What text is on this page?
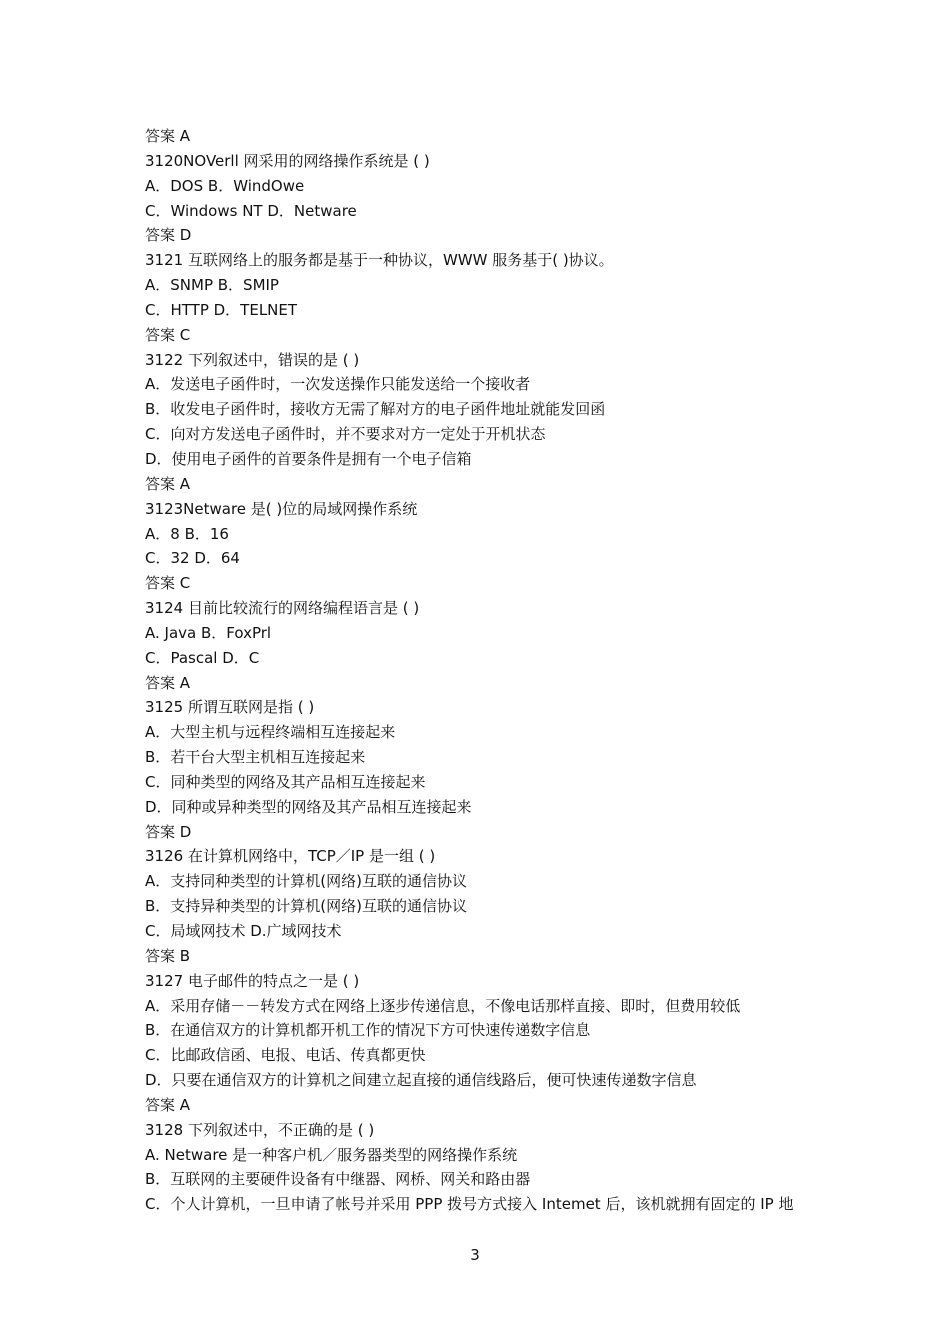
答案 A
3120NOVerll 网采用的网络操作系统是 ( )
A．DOS B．WindOwe
C．Windows NT D．Netware
答案 D
3121 互联网络上的服务都是基于一种协议，WWW 服务基于( )协议。
A．SNMP B．SMIP
C．HTTP D．TELNET
答案 C
3122 下列叙述中，错误的是 ( )
A．发送电子函件时，一次发送操作只能发送给一个接收者
B．收发电子函件时，接收方无需了解对方的电子函件地址就能发回函
C．向对方发送电子函件时，并不要求对方一定处于开机状态
D．使用电子函件的首要条件是拥有一个电子信箱
答案 A
3123Netware 是( )位的局域网操作系统
A．8 B．16
C．32 D．64
答案 C
3124 目前比较流行的网络编程语言是 ( )
A. Java B．FoxPrl
C．Pascal D．C
答案 A
3125 所谓互联网是指 ( )
A．大型主机与远程终端相互连接起来
B．若干台大型主机相互连接起来
C．同种类型的网络及其产品相互连接起来
D．同种或异种类型的网络及其产品相互连接起来
答案 D
3126 在计算机网络中，TCP／IP 是一组 ( )
A．支持同种类型的计算机(网络)互联的通信协议
B．支持异种类型的计算机(网络)互联的通信协议
C．局域网技术 D.广域网技术
答案 B
3127 电子邮件的特点之一是 ( )
A．采用存储－－转发方式在网络上逐步传递信息，不像电话那样直接、即时，但费用较低
B．在通信双方的计算机都开机工作的情况下方可快速传递数字信息
C．比邮政信函、电报、电话、传真都更快
D．只要在通信双方的计算机之间建立起直接的通信线路后，便可快速传递数字信息
答案 A
3128 下列叙述中，不正确的是 ( )
A. Netware 是一种客户机／服务器类型的网络操作系统
B．互联网的主要硬件设备有中继器、网桥、网关和路由器
C．个人计算机，一旦申请了帐号并采用 PPP 拨号方式接入 Intemet 后，该机就拥有固定的 IP 地
3
